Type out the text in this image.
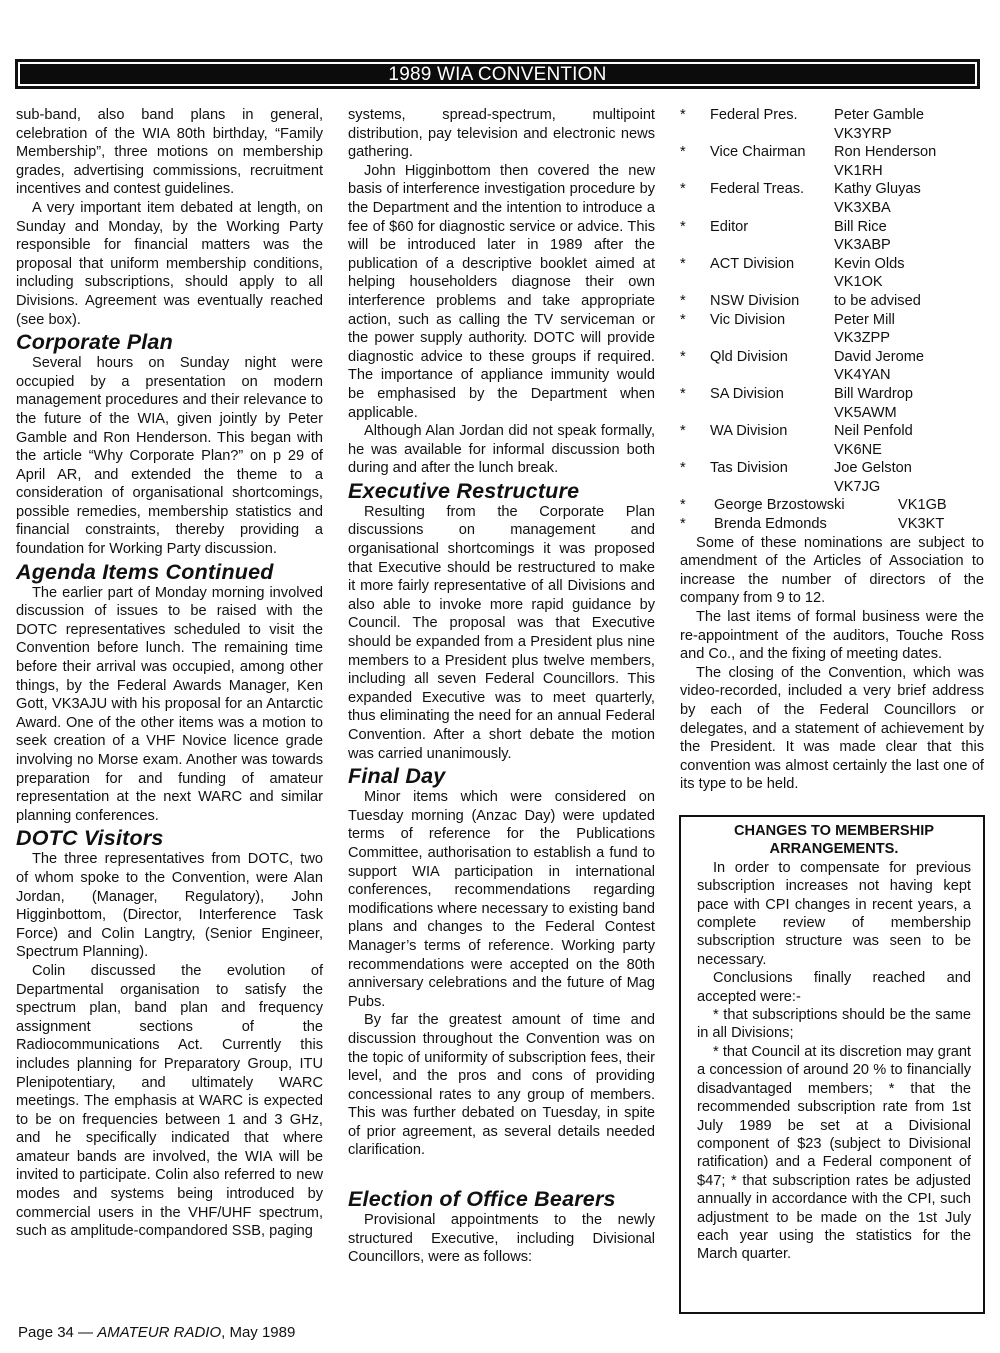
1989 WIA CONVENTION

sub-band, also band plans in general, celebration of the WIA 80th birthday, “Family Membership”, three motions on membership grades, advertising commissions, recruitment incentives and contest guidelines.

A very important item debated at length, on Sunday and Monday, by the Working Party responsible for financial matters was the proposal that uniform membership conditions, including subscriptions, should apply to all Divisions. Agreement was eventually reached (see box).

Corporate Plan

Several hours on Sunday night were occupied by a presentation on modern management procedures and their relevance to the future of the WIA, given jointly by Peter Gamble and Ron Henderson. This began with the article “Why Corporate Plan?” on p 29 of April AR, and extended the theme to a consideration of organisational shortcomings, possible remedies, membership statistics and financial constraints, thereby providing a foundation for Working Party discussion.

Agenda Items Continued

The earlier part of Monday morning involved discussion of issues to be raised with the DOTC representatives scheduled to visit the Convention before lunch. The remaining time before their arrival was occupied, among other things, by the Federal Awards Manager, Ken Gott, VK3AJU with his proposal for an Antarctic Award. One of the other items was a motion to seek creation of a VHF Novice licence grade involving no Morse exam. Another was towards preparation for and funding of amateur representation at the next WARC and similar planning conferences.

DOTC Visitors

The three representatives from DOTC, two of whom spoke to the Convention, were Alan Jordan, (Manager, Regulatory), John Higginbottom, (Director, Interference Task Force) and Colin Langtry, (Senior Engineer, Spectrum Planning).

Colin discussed the evolution of Departmental organisation to satisfy the spectrum plan, band plan and frequency assignment sections of the Radiocommunications Act. Currently this includes planning for Preparatory Group, ITU Plenipotentiary, and ultimately WARC meetings. The emphasis at WARC is expected to be on frequencies between 1 and 3 GHz, and he specifically indicated that where amateur bands are involved, the WIA will be invited to participate. Colin also referred to new modes and systems being introduced by commercial users in the VHF/UHF spectrum, such as amplitude-compandored SSB, paging

systems, spread-spectrum, multipoint distribution, pay television and electronic news gathering.

John Higginbottom then covered the new basis of interference investigation procedure by the Department and the intention to introduce a fee of $60 for diagnostic service or advice. This will be introduced later in 1989 after the publication of a descriptive booklet aimed at helping householders diagnose their own interference problems and take appropriate action, such as calling the TV serviceman or the power supply authority. DOTC will provide diagnostic advice to these groups if required. The importance of appliance immunity would be emphasised by the Department when applicable.

Although Alan Jordan did not speak formally, he was available for informal discussion both during and after the lunch break.

Executive Restructure

Resulting from the Corporate Plan discussions on management and organisational shortcomings it was proposed that Executive should be restructured to make it more fairly representative of all Divisions and also able to invoke more rapid guidance by Council. The proposal was that Executive should be expanded from a President plus nine members to a President plus twelve members, including all seven Federal Councillors. This expanded Executive was to meet quarterly, thus eliminating the need for an annual Federal Convention. After a short debate the motion was carried unanimously.

Final Day

Minor items which were considered on Tuesday morning (Anzac Day) were updated terms of reference for the Publications Committee, authorisation to establish a fund to support WIA participation in international conferences, recommendations regarding modifications where necessary to existing band plans and changes to the Federal Contest Manager’s terms of reference. Working party recommendations were accepted on the 80th anniversary celebrations and the future of Mag Pubs.

By far the greatest amount of time and discussion throughout the Convention was on the topic of uniformity of subscription fees, their level, and the pros and cons of providing concessional rates to any group of members. This was further debated on Tuesday, in spite of prior agreement, as several details needed clarification.

Election of Office Bearers

Provisional appointments to the newly structured Executive, including Divisional Councillors, were as follows:

*	Federal Pres.	Peter Gamble
VK3YRP
*	Vice Chairman	Ron Henderson
VK1RH
*	Federal Treas.	Kathy Gluyas
VK3XBA
*	Editor	Bill Rice
VK3ABP
*	ACT Division	Kevin Olds
VK1OK
*	NSW Division	to be advised
*	Vic Division	Peter Mill
VK3ZPP
*	Qld Division	David Jerome
VK4YAN
*	SA Division	Bill Wardrop
VK5AWM
*	WA Division	Neil Penfold
VK6NE
*	Tas Division	Joe Gelston
VK7JG
*	George Brzostowski	VK1GB
*	Brenda Edmonds	VK3KT

Some of these nominations are subject to amendment of the Articles of Association to increase the number of directors of the company from 9 to 12.

The last items of formal business were the re-appointment of the auditors, Touche Ross and Co., and the fixing of meeting dates.

The closing of the Convention, which was video-recorded, included a very brief address by each of the Federal Councillors or delegates, and a statement of achievement by the President. It was made clear that this convention was almost certainly the last one of its type to be held.

CHANGES TO MEMBERSHIP

ARRANGEMENTS.

In order to compensate for previous subscription increases not having kept pace with CPI changes in recent years, a complete review of membership subscription structure was seen to be necessary.

Conclusions finally reached and accepted were:-

* that subscriptions should be the same in all Divisions;

* that Council at its discretion may grant a concession of around 20 % to financially disadvantaged members; * that the recommended subscription rate from 1st July 1989 be set at a Divisional component of $23 (subject to Divisional ratification) and a Federal component of $47; * that subscription rates be adjusted annually in accordance with the CPI, such adjustment to be made on the 1st July each year using the statistics for the March quarter.

Page 34 — AMATEUR RADIO, May 1989
